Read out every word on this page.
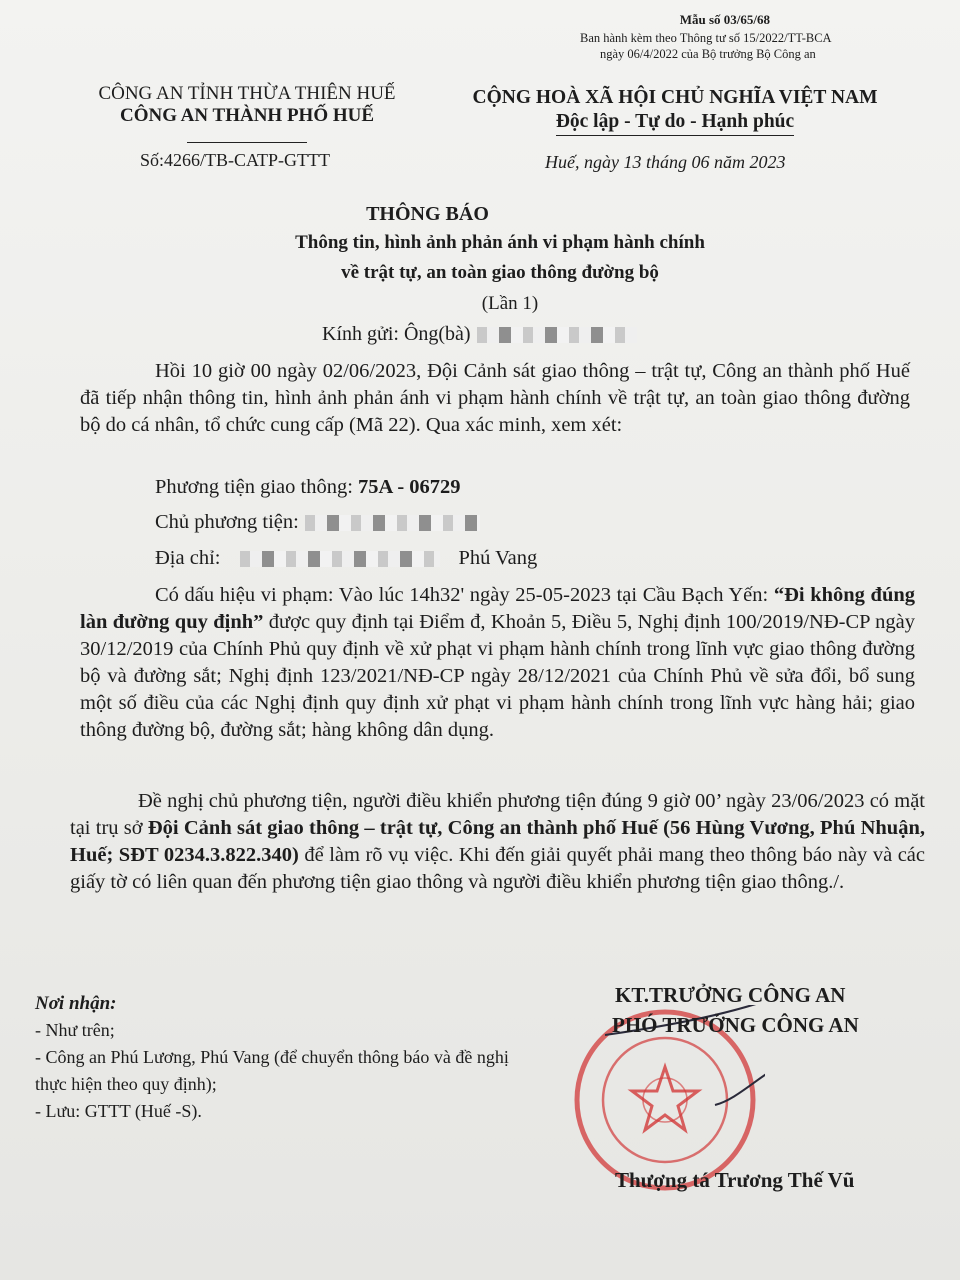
Mẫu số 03/65/68
Ban hành kèm theo Thông tư số 15/2022/TT-BCA
ngày 06/4/2022 của Bộ trưởng Bộ Công an
CÔNG AN TỈNH THỪA THIÊN HUẾ
CÔNG AN THÀNH PHỐ HUẾ
CỘNG HOÀ XÃ HỘI CHỦ NGHĨA VIỆT NAM
Độc lập - Tự do - Hạnh phúc
Số:4266/TB-CATP-GTTT	Huế, ngày 13 tháng 06 năm 2023
THÔNG BÁO
Thông tin, hình ảnh phản ánh vi phạm hành chính
về trật tự, an toàn giao thông đường bộ
(Lần 1)
Kính gửi: Ông(bà)
Hồi 10 giờ 00 ngày 02/06/2023, Đội Cảnh sát giao thông – trật tự, Công an thành phố Huế đã tiếp nhận thông tin, hình ảnh phản ánh vi phạm hành chính về trật tự, an toàn giao thông đường bộ do cá nhân, tổ chức cung cấp (Mã 22). Qua xác minh, xem xét:
Phương tiện giao thông: 75A - 06729
Chủ phương tiện:
Địa chỉ:	Phú Vang
Có dấu hiệu vi phạm: Vào lúc 14h32' ngày 25-05-2023 tại Cầu Bạch Yến: “Đi không đúng làn đường quy định” được quy định tại Điểm đ, Khoản 5, Điều 5, Nghị định 100/2019/NĐ-CP ngày 30/12/2019 của Chính Phủ quy định về xử phạt vi phạm hành chính trong lĩnh vực giao thông đường bộ và đường sắt; Nghị định 123/2021/NĐ-CP ngày 28/12/2021 của Chính Phủ về sửa đổi, bổ sung một số điều của các Nghị định quy định xử phạt vi phạm hành chính trong lĩnh vực hàng hải; giao thông đường bộ, đường sắt; hàng không dân dụng.
Đề nghị chủ phương tiện, người điều khiển phương tiện đúng 9 giờ 00’ ngày 23/06/2023 có mặt tại trụ sở Đội Cảnh sát giao thông – trật tự, Công an thành phố Huế (56 Hùng Vương, Phú Nhuận, Huế; SĐT 0234.3.822.340) để làm rõ vụ việc. Khi đến giải quyết phải mang theo thông báo này và các giấy tờ có liên quan đến phương tiện giao thông và người điều khiển phương tiện giao thông./.
Nơi nhận:
- Như trên;
- Công an Phú Lương, Phú Vang (để chuyển thông báo và đề nghị thực hiện theo quy định);
- Lưu: GTTT (Huế -S).
KT.TRƯỞNG CÔNG AN
PHÓ TRƯỞNG CÔNG AN
Thượng tá Trương Thế Vũ
